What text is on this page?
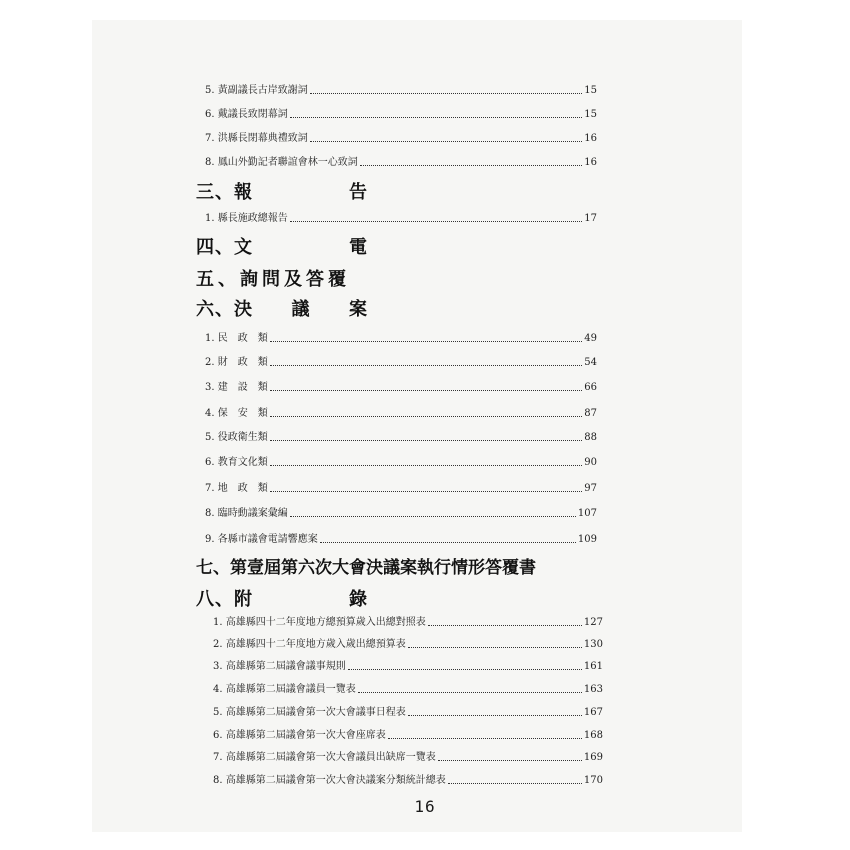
5. 黃副議長古岸致謝詞	15
6. 戴議長致閉幕詞	15
7. 洪縣長閉幕典禮致詞	16
8. 鳳山外勤記者聯誼會林一心致詞	16
三、報	告
1. 縣長施政總報告	17
四、文	電
五、詢問及答覆
六、決 議 案
1. 民　政　類	49
2. 財　政　類	54
3. 建　設　類	66
4. 保　安　類	87
5. 役政衛生類	88
6. 教育文化類	90
7. 地　政　類	97
8. 臨時動議案彙編	107
9. 各縣市議會電請響應案	109
七、第壹屆第六次大會決議案執行情形答覆書
八、附	錄
1. 高雄縣四十二年度地方總預算歲入出總對照表	127
2. 高雄縣四十二年度地方歲入歲出總預算表	130
3. 高雄縣第二屆議會議事規則	161
4. 高雄縣第二屆議會議員一覽表	163
5. 高雄縣第二屆議會第一次大會議事日程表	167
6. 高雄縣第二屆議會第一次大會座席表	168
7. 高雄縣第二屆議會第一次大會議員出缺席一覽表	169
8. 高雄縣第二屆議會第一次大會決議案分類統計總表	170
16
